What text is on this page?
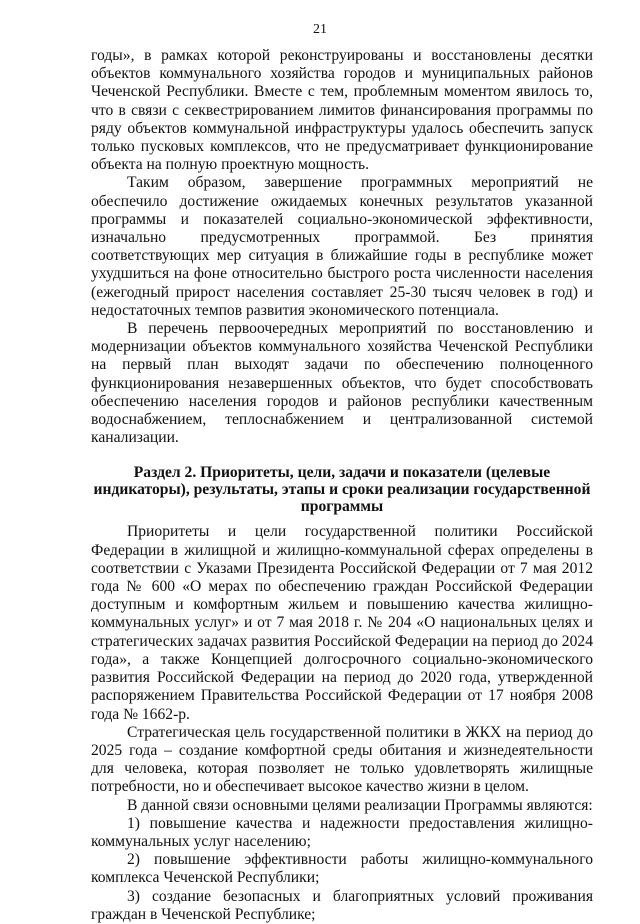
21

годы», в рамках которой реконструированы и восстановлены десятки объектов коммунального хозяйства городов и муниципальных районов Чеченской Республики. Вместе с тем, проблемным моментом явилось то, что в связи с секвестрированием лимитов финансирования программы по ряду объектов коммунальной инфраструктуры удалось обеспечить запуск только пусковых комплексов, что не предусматривает функционирование объекта на полную проектную мощность.

Таким образом, завершение программных мероприятий не обеспечило достижение ожидаемых конечных результатов указанной программы и показателей социально-экономической эффективности, изначально предусмотренных программой. Без принятия соответствующих мер ситуация в ближайшие годы в республике может ухудшиться на фоне относительно быстрого роста численности населения (ежегодный прирост населения составляет 25-30 тысяч человек в год) и недостаточных темпов развития экономического потенциала.

В перечень первоочередных мероприятий по восстановлению и модернизации объектов коммунального хозяйства Чеченской Республики на первый план выходят задачи по обеспечению полноценного функционирования незавершенных объектов, что будет способствовать обеспечению населения городов и районов республики качественным водоснабжением, теплоснабжением и централизованной системой канализации.

Раздел 2. Приоритеты, цели, задачи и показатели (целевые индикаторы), результаты, этапы и сроки реализации государственной программы

Приоритеты и цели государственной политики Российской Федерации в жилищной и жилищно-коммунальной сферах определены в соответствии с Указами Президента Российской Федерации от 7 мая 2012 года № 600 «О мерах по обеспечению граждан Российской Федерации доступным и комфортным жильем и повышению качества жилищно-коммунальных услуг» и от 7 мая 2018 г. № 204 «О национальных целях и стратегических задачах развития Российской Федерации на период до 2024 года», а также Концепцией долгосрочного социально-экономического развития Российской Федерации на период до 2020 года, утвержденной распоряжением Правительства Российской Федерации от 17 ноября 2008 года № 1662-р.

Стратегическая цель государственной политики в ЖКХ на период до 2025 года – создание комфортной среды обитания и жизнедеятельности для человека, которая позволяет не только удовлетворять жилищные потребности, но и обеспечивает высокое качество жизни в целом.

В данной связи основными целями реализации Программы являются:

1) повышение качества и надежности предоставления жилищно-коммунальных услуг населению;

2) повышение эффективности работы жилищно-коммунального комплекса Чеченской Республики;

3) создание безопасных и благоприятных условий проживания граждан в Чеченской Республике;
